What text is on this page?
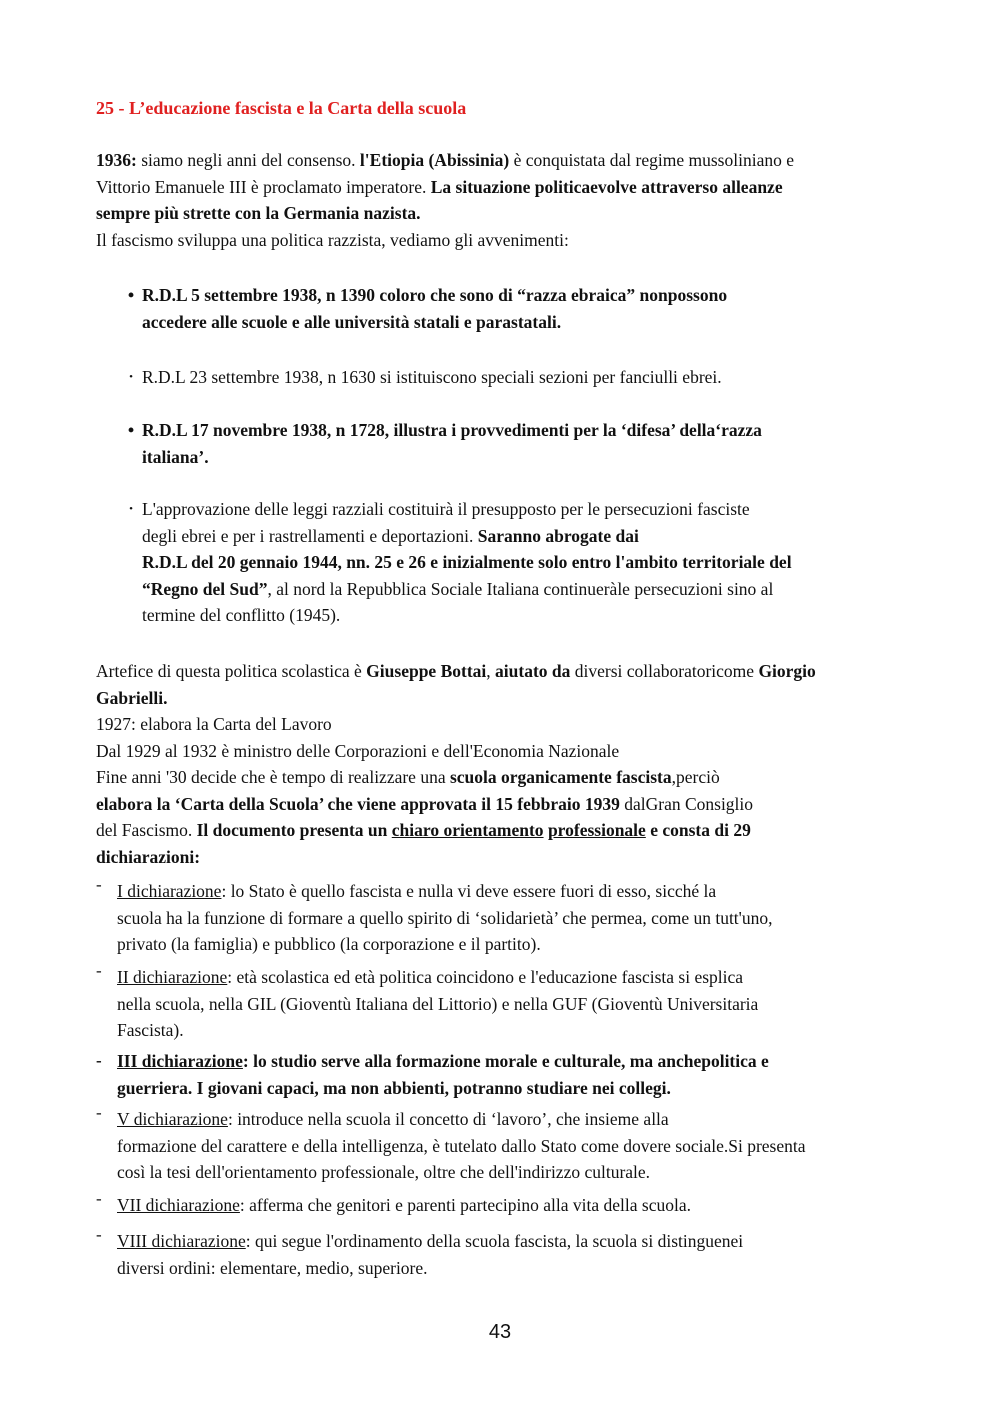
25 - L’educazione fascista e la Carta della scuola

1936: siamo negli anni del consenso. l'Etiopia (Abissinia) è conquistata dal regime mussoliniano e

Vittorio Emanuele III è proclamato imperatore. La situazione politicaevolve attraverso alleanze

sempre più strette con la Germania nazista.

Il fascismo sviluppa una politica razzista, vediamo gli avvenimenti:

• R.D.L 5 settembre 1938, n 1390 coloro che sono di “razza ebraica” nonpossono
accedere alle scuole e alle università statali e parastatali.
• R.D.L 23 settembre 1938, n 1630 si istituiscono speciali sezioni per fanciulli ebrei.
• R.D.L 17 novembre 1938, n 1728, illustra i provvedimenti per la ‘difesa’ della‘razza
italiana’.
• L'approvazione delle leggi razziali costituirà il presupposto per le persecuzioni fasciste
degli ebrei e per i rastrellamenti e deportazioni. Saranno abrogate dai
R.D.L del 20 gennaio 1944, nn. 25 e 26 e inizialmente solo entro l'ambito territoriale del
“Regno del Sud”, al nord la Repubblica Sociale Italiana continueràle persecuzioni sino al
termine del conflitto (1945).

Artefice di questa politica scolastica è Giuseppe Bottai, aiutato da diversi collaboratoricome Giorgio

Gabrielli.

1927: elabora la Carta del Lavoro

Dal 1929 al 1932 è ministro delle Corporazioni e dell'Economia Nazionale

Fine anni '30 decide che è tempo di realizzare una scuola organicamente fascista,perciò

elabora la ‘Carta della Scuola’ che viene approvata il 15 febbraio 1939 dalGran Consiglio

del Fascismo. Il documento presenta un chiaro orientamento professionale e consta di 29

dichiarazioni:

- I dichiarazione: lo Stato è quello fascista e nulla vi deve essere fuori di esso, sicché la
scuola ha la funzione di formare a quello spirito di ‘solidarietà’ che permea, come un tutt'uno,
privato (la famiglia) e pubblico (la corporazione e il partito).
- II dichiarazione: età scolastica ed età politica coincidono e l'educazione fascista si esplica
nella scuola, nella GIL (Gioventù Italiana del Littorio) e nella GUF (Gioventù Universitaria
Fascista).
- III dichiarazione: lo studio serve alla formazione morale e culturale, ma anchepolitica e
guerriera. I giovani capaci, ma non abbienti, potranno studiare nei collegi.
- V dichiarazione: introduce nella scuola il concetto di ‘lavoro’, che insieme alla
formazione del carattere e della intelligenza, è tutelato dallo Stato come dovere sociale.Si presenta
così la tesi dell'orientamento professionale, oltre che dell'indirizzo culturale.
- VII dichiarazione: afferma che genitori e parenti partecipino alla vita della scuola.
- VIII dichiarazione: qui segue l'ordinamento della scuola fascista, la scuola si distinguenei
diversi ordini: elementare, medio, superiore.
43
